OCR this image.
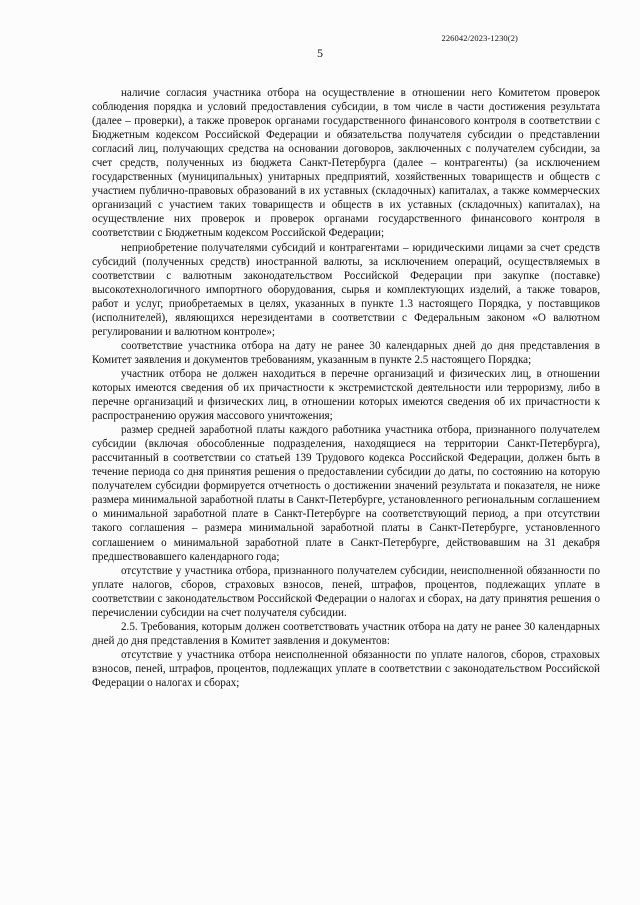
226042/2023-1230(2)
5

наличие согласия участника отбора на осуществление в отношении него Комитетом проверок соблюдения порядка и условий предоставления субсидии, в том числе в части достижения результата (далее – проверки), а также проверок органами государственного финансового контроля в соответствии с Бюджетным кодексом Российской Федерации и обязательства получателя субсидии о представлении согласий лиц, получающих средства на основании договоров, заключенных с получателем субсидии, за счет средств, полученных из бюджета Санкт-Петербурга (далее – контрагенты) (за исключением государственных (муниципальных) унитарных предприятий, хозяйственных товариществ и обществ с участием публично-правовых образований в их уставных (складочных) капиталах, а также коммерческих организаций с участием таких товариществ и обществ в их уставных (складочных) капиталах), на осуществление них проверок и проверок органами государственного финансового контроля в соответствии с Бюджетным кодексом Российской Федерации;

неприобретение получателями субсидий и контрагентами – юридическими лицами за счет средств субсидий (полученных средств) иностранной валюты, за исключением операций, осуществляемых в соответствии с валютным законодательством Российской Федерации при закупке (поставке) высокотехнологичного импортного оборудования, сырья и комплектующих изделий, а также товаров, работ и услуг, приобретаемых в целях, указанных в пункте 1.3 настоящего Порядка, у поставщиков (исполнителей), являющихся нерезидентами в соответствии с Федеральным законом «О валютном регулировании и валютном контроле»;

соответствие участника отбора на дату не ранее 30 календарных дней до дня представления в Комитет заявления и документов требованиям, указанным в пункте 2.5 настоящего Порядка;

участник отбора не должен находиться в перечне организаций и физических лиц, в отношении которых имеются сведения об их причастности к экстремистской деятельности или терроризму, либо в перечне организаций и физических лиц, в отношении которых имеются сведения об их причастности к распространению оружия массового уничтожения;

размер средней заработной платы каждого работника участника отбора, признанного получателем субсидии (включая обособленные подразделения, находящиеся на территории Санкт-Петербурга), рассчитанный в соответствии со статьей 139 Трудового кодекса Российской Федерации, должен быть в течение периода со дня принятия решения о предоставлении субсидии до даты, по состоянию на которую получателем субсидии формируется отчетность о достижении значений результата и показателя, не ниже размера минимальной заработной платы в Санкт-Петербурге, установленного региональным соглашением о минимальной заработной плате в Санкт-Петербурге на соответствующий период, а при отсутствии такого соглашения – размера минимальной заработной платы в Санкт-Петербурге, установленного соглашением о минимальной заработной плате в Санкт-Петербурге, действовавшим на 31 декабря предшествовавшего календарного года;

отсутствие у участника отбора, признанного получателем субсидии, неисполненной обязанности по уплате налогов, сборов, страховых взносов, пеней, штрафов, процентов, подлежащих уплате в соответствии с законодательством Российской Федерации о налогах и сборах, на дату принятия решения о перечислении субсидии на счет получателя субсидии.

2.5. Требования, которым должен соответствовать участник отбора на дату не ранее 30 календарных дней до дня представления в Комитет заявления и документов:

отсутствие у участника отбора неисполненной обязанности по уплате налогов, сборов, страховых взносов, пеней, штрафов, процентов, подлежащих уплате в соответствии с законодательством Российской Федерации о налогах и сборах;
